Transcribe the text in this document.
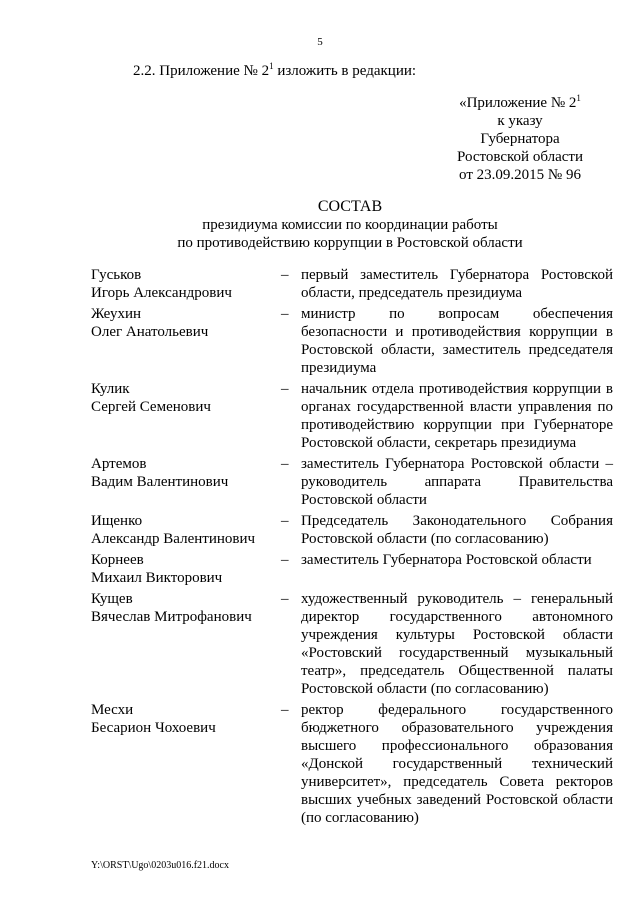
5
2.2. Приложение № $2^1$ изложить в редакции:
«Приложение № $2^1$
к указу
Губернатора
Ростовской области
от 23.09.2015 № 96
СОСТАВ
президиума комиссии по координации работы
по противодействию коррупции в Ростовской области
Гуськов
Игорь Александрович
– первый заместитель Губернатора Ростовской области, председатель президиума
Жеухин
Олег Анатольевич
– министр по вопросам обеспечения безопасности и противодействия коррупции в Ростовской области, заместитель председателя президиума
Кулик
Сергей Семенович
– начальник отдела противодействия коррупции в органах государственной власти управления по противодействию коррупции при Губернаторе Ростовской области, секретарь президиума
Артемов
Вадим Валентинович
– заместитель Губернатора Ростовской области – руководитель аппарата Правительства Ростовской области
Ищенко
Александр Валентинович
– Председатель Законодательного Собрания Ростовской области (по согласованию)
Корнеев
Михаил Викторович
– заместитель Губернатора Ростовской области
Кущев
Вячеслав Митрофанович
– художественный руководитель – генеральный директор государственного автономного учреждения культуры Ростовской области «Ростовский государственный музыкальный театр», председатель Общественной палаты Ростовской области (по согласованию)
Месхи
Бесарион Чохоевич
– ректор федерального государственного бюджетного образовательного учреждения высшего профессионального образования «Донской государственный технический университет», председатель Совета ректоров высших учебных заведений Ростовской области (по согласованию)
Y:\ORST\Ugo\0203u016.f21.docx
